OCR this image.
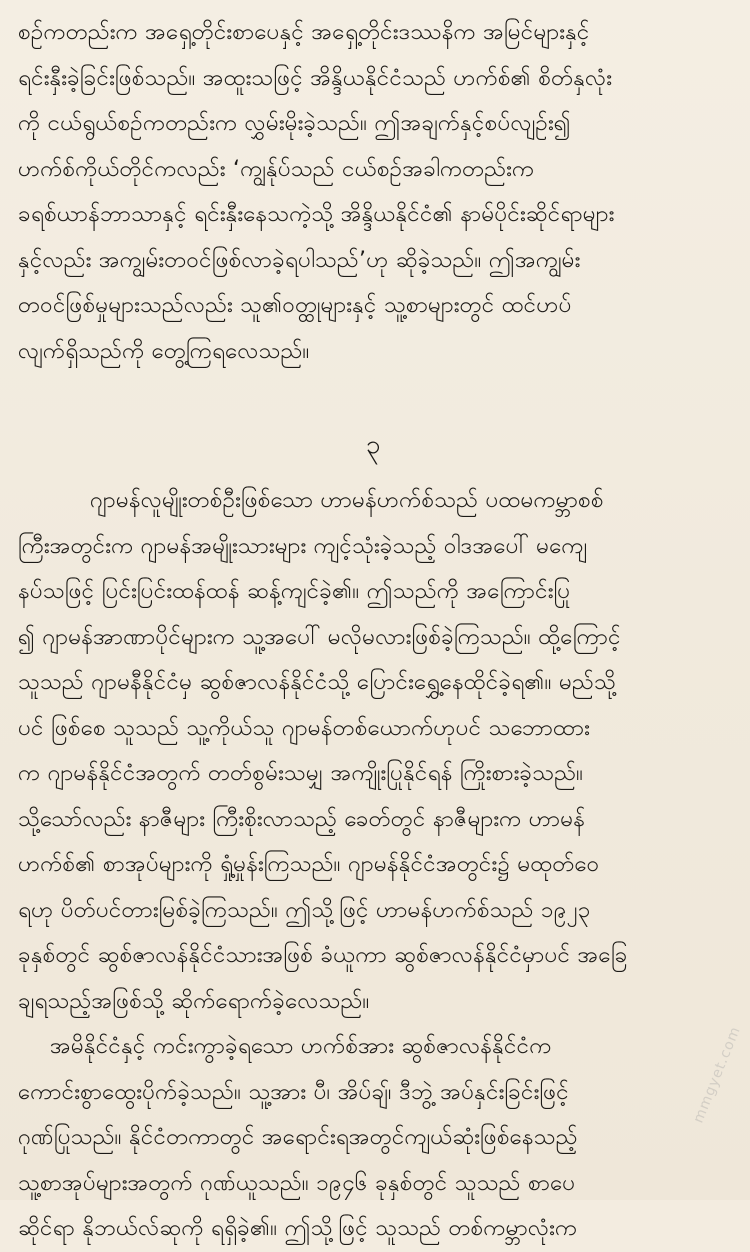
စဉ်ကတည်းက အရှေ့တိုင်းစာပေနှင့် အရှေ့တိုင်းဒဿနိက အမြင်များနှင့်
ရင်းနှီးခဲ့ခြင်းဖြစ်သည်။ အထူးသဖြင့် အိန္ဒိယနိုင်ငံသည် ဟက်စ်၏ စိတ်နှလုံး
ကို ငယ်ရွယ်စဉ်ကတည်းက လွှမ်းမိုးခဲ့သည်။ ဤအချက်နှင့်စပ်လျဉ်း၍
ဟက်စ်ကိုယ်တိုင်ကလည်း ‘ကျွန်ုပ်သည် ငယ်စဉ်အခါကတည်းက
ခရစ်ယာန်ဘာသာနှင့် ရင်းနှီးနေသကဲ့သို့ အိန္ဒိယနိုင်ငံ၏ နာမ်ပိုင်းဆိုင်ရာများ
နှင့်လည်း အကျွမ်းတဝင်ဖြစ်လာခဲ့ရပါသည်’ဟု ဆိုခဲ့သည်။ ဤအကျွမ်း
တဝင်ဖြစ်မှုများသည်လည်း သူ၏ဝတ္ထုများနှင့် သူ့စာများတွင် ထင်ဟပ်
လျက်ရှိသည်ကို တွေ့ကြရလေသည်။
၃
ဂျာမန်လူမျိုးတစ်ဦးဖြစ်သော ဟာမန်ဟက်စ်သည် ပထမကမ္ဘာစစ်
ကြီးအတွင်းက ဂျာမန်အမျိုးသားများ ကျင့်သုံးခဲ့သည့် ဝါဒအပေါ် မကျေ
နပ်သဖြင့် ပြင်းပြင်းထန်ထန် ဆန့်ကျင်ခဲ့၏။ ဤသည်ကို အကြောင်းပြု
၍ ဂျာမန်အာဏာပိုင်များက သူ့အပေါ် မလိုမလားဖြစ်ခဲ့ကြသည်။ ထို့ကြောင့်
သူသည် ဂျာမနီနိုင်ငံမှ ဆွစ်ဇာလန်နိုင်ငံသို့ ပြောင်းရွှေ့နေထိုင်ခဲ့ရ၏။ မည်သို့
ပင် ဖြစ်စေ သူသည် သူ့ကိုယ်သူ ဂျာမန်တစ်ယောက်ဟုပင် သဘောထား
က ဂျာမန်နိုင်ငံအတွက် တတ်စွမ်းသမျှ အကျိုးပြုနိုင်ရန် ကြိုးစားခဲ့သည်။
သို့သော်လည်း နာဇီများ ကြီးစိုးလာသည့် ခေတ်တွင် နာဇီများက ဟာမန်
ဟက်စ်၏ စာအုပ်များကို ရှုံ့မှုန်းကြသည်။ ဂျာမန်နိုင်ငံအတွင်း၌ မထုတ်ဝေ
ရဟု ပိတ်ပင်တားမြစ်ခဲ့ကြသည်။ ဤသို့ဖြင့် ဟာမန်ဟက်စ်သည် ၁၉၂၃
ခုနှစ်တွင် ဆွစ်ဇာလန်နိုင်ငံသားအဖြစ် ခံယူကာ ဆွစ်ဇာလန်နိုင်ငံမှာပင် အခြေ
ချရသည့်အဖြစ်သို့ ဆိုက်ရောက်ခဲ့လေသည်။
အမိနိုင်ငံနှင့် ကင်းကွာခဲ့ရသော ဟက်စ်အား ဆွစ်ဇာလန်နိုင်ငံက
ကောင်းစွာထွေးပိုက်ခဲ့သည်။ သူ့အား ပီ၊ အိပ်ချ်၊ ဒီဘွဲ့ အပ်နှင်းခြင်းဖြင့်
ဂုဏ်ပြုသည်။ နိုင်ငံတကာတွင် အရောင်းရအတွင်ကျယ်ဆုံးဖြစ်နေသည့်
သူ့စာအုပ်များအတွက် ဂုဏ်ယူသည်။ ၁၉၄၆ ခုနှစ်တွင် သူသည် စာပေ
ဆိုင်ရာ နိုဘယ်လ်ဆုကို ရရှိခဲ့၏။ ဤသို့ဖြင့် သူသည် တစ်ကမ္ဘာလုံးက
mmgyet.com
